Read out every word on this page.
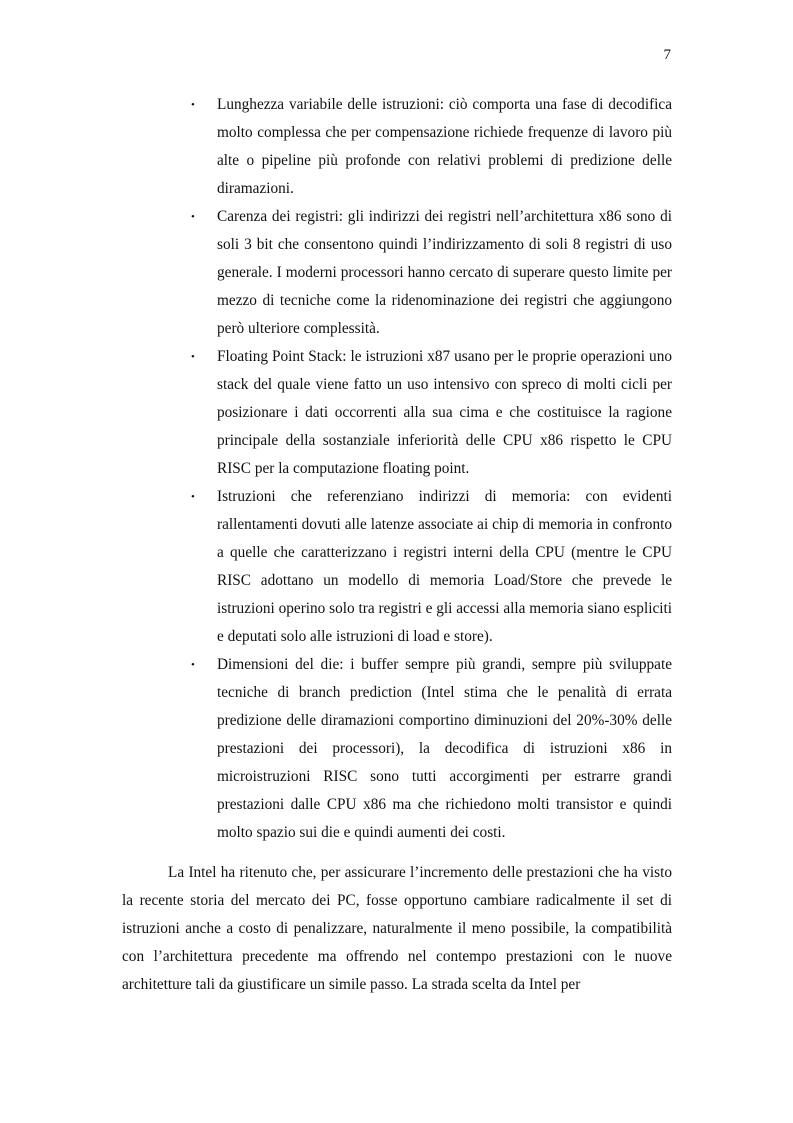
7
•	Lunghezza variabile delle istruzioni: ciò comporta una fase di decodifica molto complessa che per compensazione richiede frequenze di lavoro più alte o pipeline più profonde con relativi problemi di predizione delle diramazioni.
•	Carenza dei registri: gli indirizzi dei registri nell’architettura x86 sono di soli 3 bit che consentono quindi l’indirizzamento di soli 8 registri di uso generale. I moderni processori hanno cercato di superare questo limite per mezzo di tecniche come la ridenominazione dei registri che aggiungono però ulteriore complessità.
•	Floating Point Stack: le istruzioni x87 usano per le proprie operazioni uno stack del quale viene fatto un uso intensivo con spreco di molti cicli per posizionare i dati occorrenti alla sua cima e che costituisce la ragione principale della sostanziale inferiorità delle CPU x86 rispetto le CPU RISC per la computazione floating point.
•	Istruzioni che referenziano indirizzi di memoria: con evidenti rallentamenti dovuti alle latenze associate ai chip di memoria in confronto a quelle che caratterizzano i registri interni della CPU (mentre le CPU RISC adottano un modello di memoria Load/Store che prevede le istruzioni operino solo tra registri e gli accessi alla memoria siano espliciti e deputati solo alle istruzioni di load e store).
•	Dimensioni del die: i buffer sempre più grandi, sempre più sviluppate tecniche di branch prediction (Intel stima che le penalità di errata predizione delle diramazioni comportino diminuzioni del 20%-30% delle prestazioni dei processori), la decodifica di istruzioni x86 in microistruzioni RISC sono tutti accorgimenti per estrarre grandi prestazioni dalle CPU x86 ma che richiedono molti transistor e quindi molto spazio sui die e quindi aumenti dei costi.

La Intel ha ritenuto che, per assicurare l’incremento delle prestazioni che ha visto la recente storia del mercato dei PC, fosse opportuno cambiare radicalmente il set di istruzioni anche a costo di penalizzare, naturalmente il meno possibile, la compatibilità con l’architettura precedente ma offrendo nel contempo prestazioni con le nuove architetture tali da giustificare un simile passo. La strada scelta da Intel per
